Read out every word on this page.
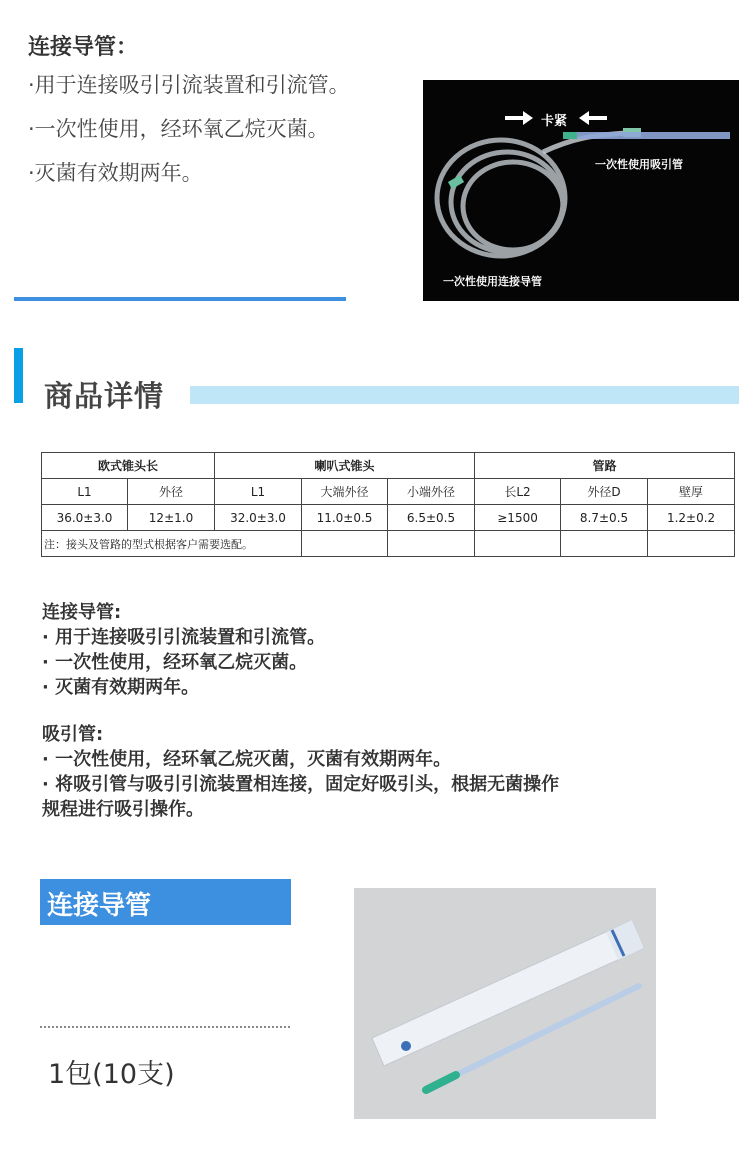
连接导管：
·用于连接吸引引流装置和引流管。
·一次性使用，经环氧乙烷灭菌。
·灭菌有效期两年。
卡紧
一次性使用吸引管
一次性使用连接导管
商品详情
欧式锥头长		喇叭式锥头			管路		
L1	外径	L1	大端外径	小端外径	长L2	外径D	壁厚
36.0±3.0	12±1.0	32.0±3.0	11.0±0.5	6.5±0.5	≥1500	8.7±0.5	1.2±0.2
注：接头及管路的型式根据客户需要选配。							

连接导管:

· 用于连接吸引引流装置和引流管。

· 一次性使用，经环氧乙烷灭菌。

· 灭菌有效期两年。

吸引管:

· 一次性使用，经环氧乙烷灭菌，灭菌有效期两年。

· 将吸引管与吸引引流装置相连接，固定好吸引头，根据无菌操作

规程进行吸引操作。

连接导管
1包(10支)
